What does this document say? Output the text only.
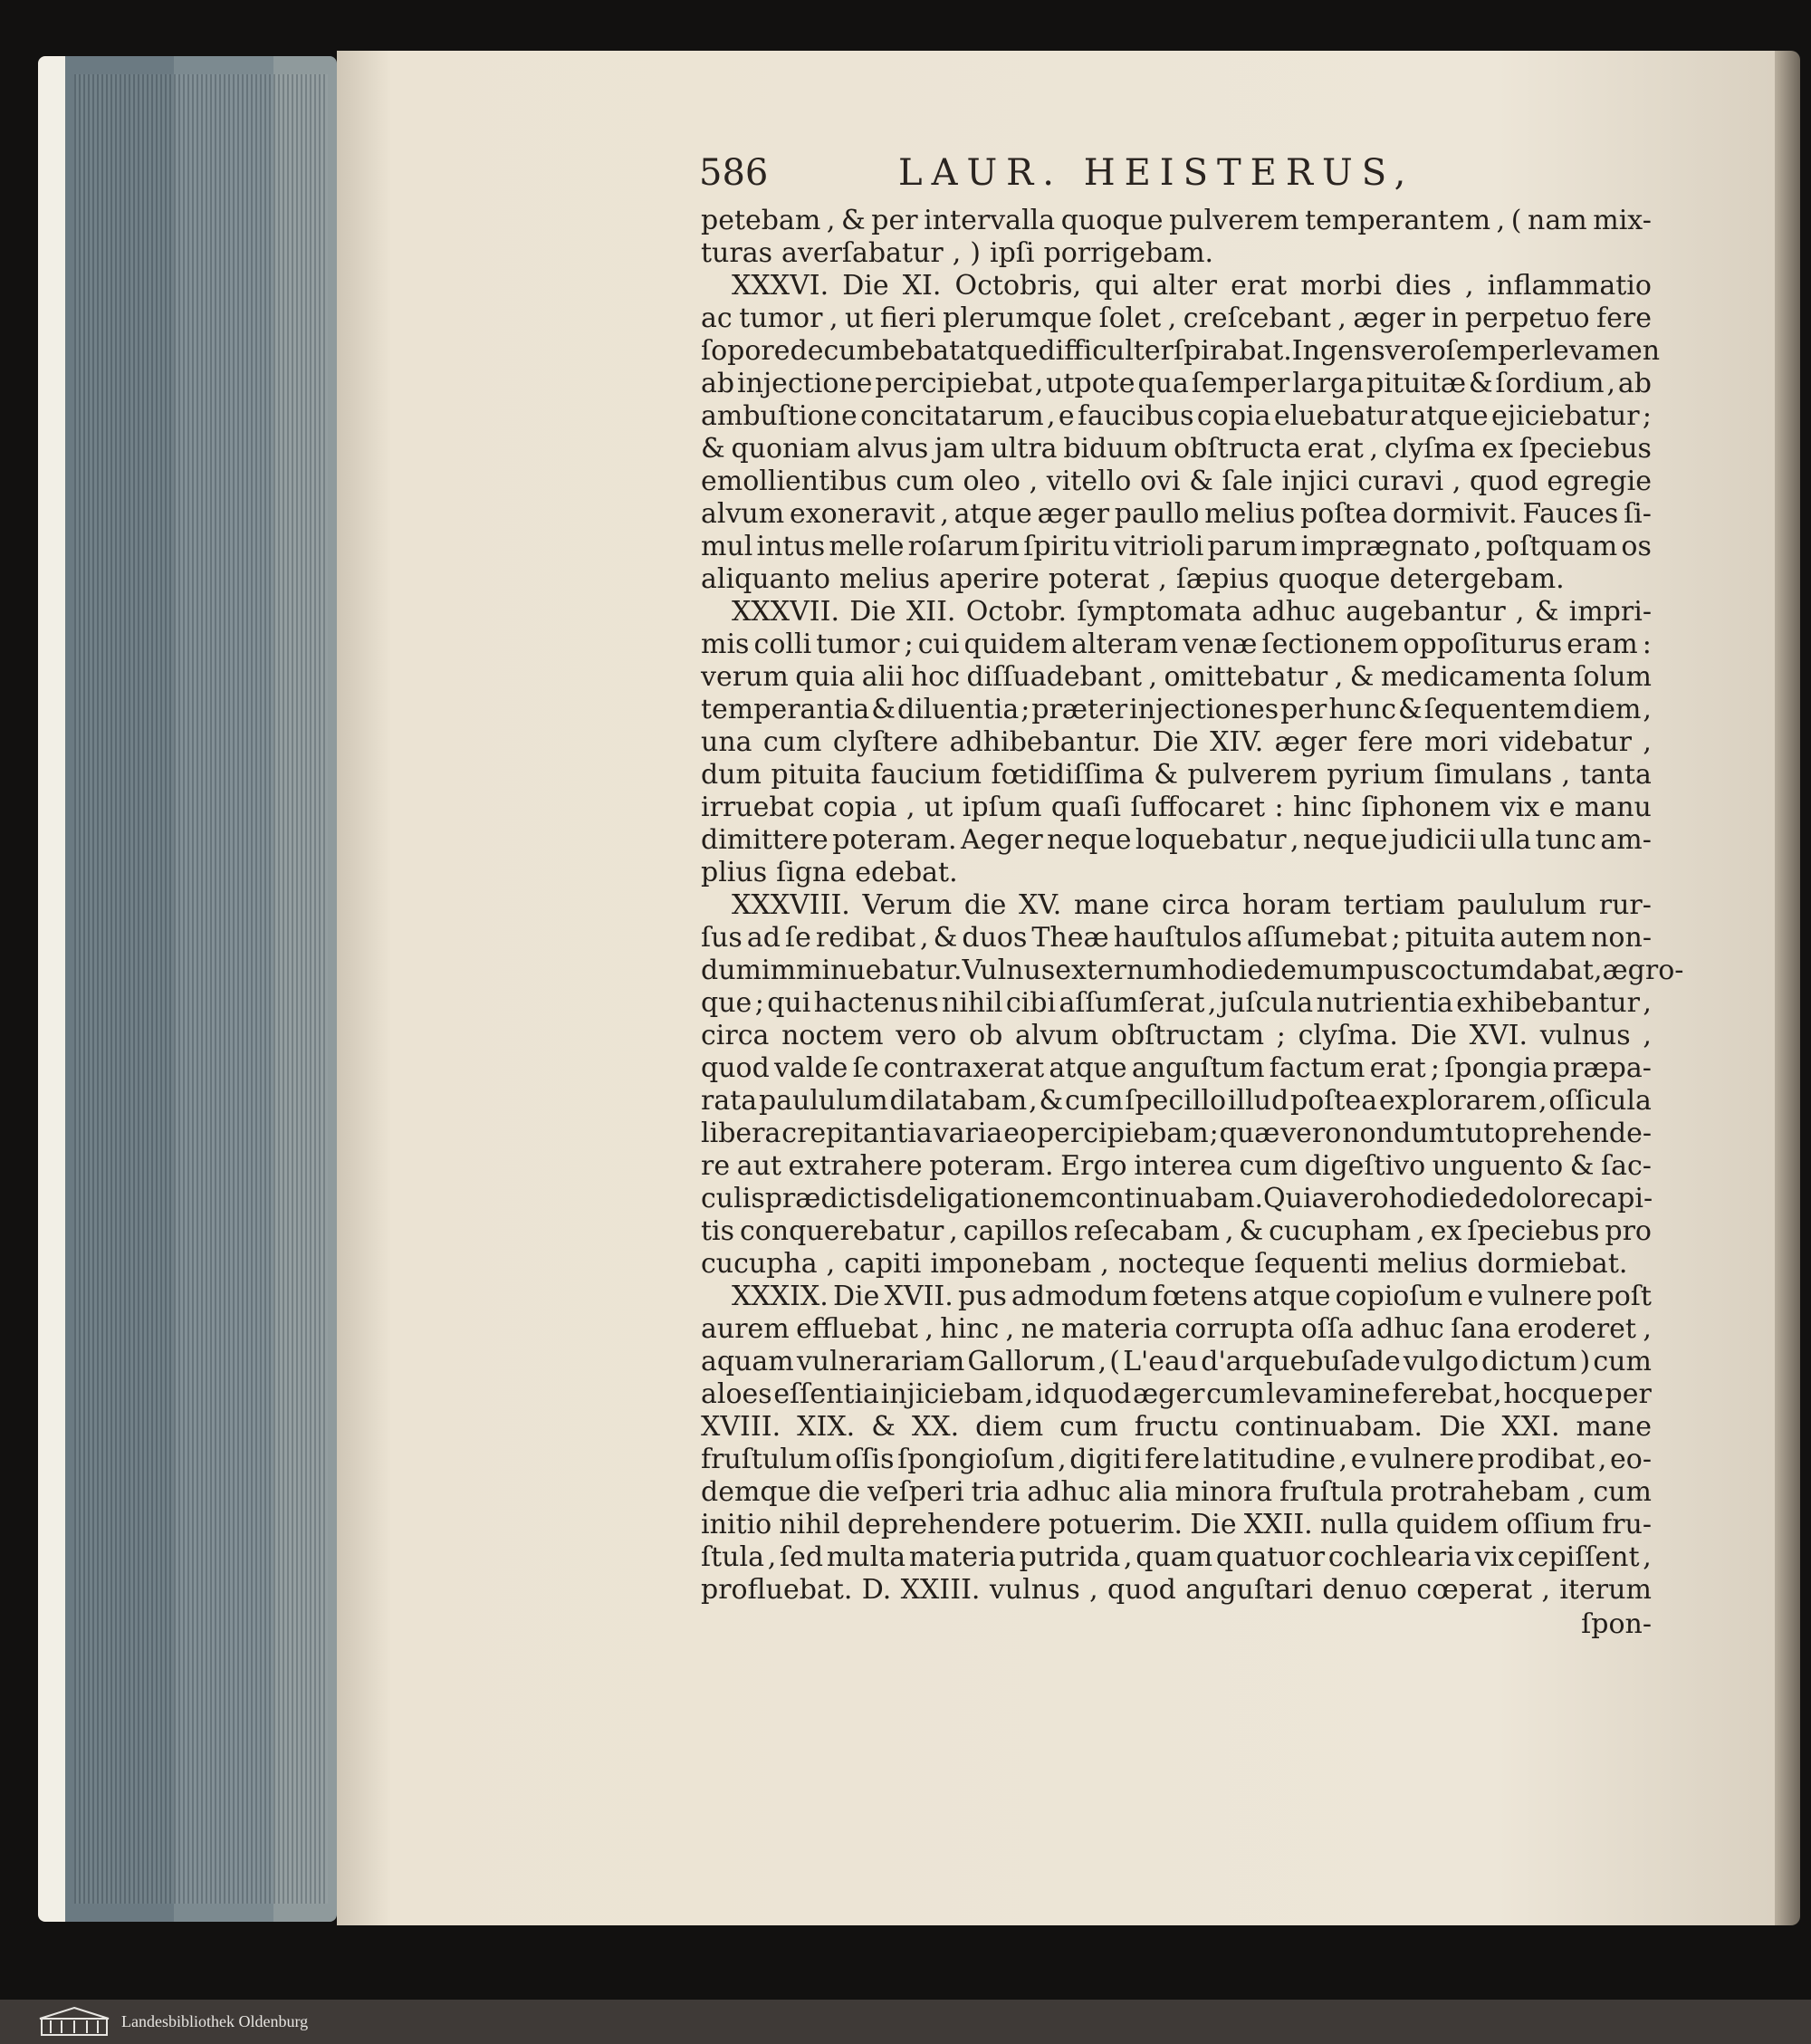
586	LAUR. HEISTERUS,
petebam , & per intervalla quoque pulverem temperantem , ( nam mix-
turas averſabatur , ) ipſi porrigebam.
XXXVI. Die XI. Octobris, qui alter erat morbi dies , inflammatio
ac tumor , ut fieri plerumque ſolet , creſcebant , æger in perpetuo fere
ſopore decumbebat atque difficulter ſpirabat. Ingens vero ſemper levamen
ab injectione percipiebat , utpote qua ſemper larga pituitæ & ſordium , ab
ambuſtione concitatarum , e faucibus copia eluebatur atque ejiciebatur ;
& quoniam alvus jam ultra biduum obſtructa erat , clyſma ex ſpeciebus
emollientibus cum oleo , vitello ovi & ſale injici curavi , quod egregie
alvum exoneravit , atque æger paullo melius poſtea dormivit. Fauces ſi-
mul intus melle roſarum ſpiritu vitrioli parum imprægnato , poſtquam os
aliquanto melius aperire poterat , ſæpius quoque detergebam.
XXXVII. Die XII. Octobr. ſymptomata adhuc augebantur , & impri-
mis colli tumor ; cui quidem alteram venæ ſectionem oppoſiturus eram :
verum quia alii hoc diſſuadebant , omittebatur , & medicamenta ſolum
temperantia & diluentia ; præter injectiones per hunc & ſequentem diem ,
una cum clyſtere adhibebantur. Die XIV. æger fere mori videbatur ,
dum pituita faucium fœtidiſſima & pulverem pyrium ſimulans , tanta
irruebat copia , ut ipſum quaſi ſuffocaret : hinc ſiphonem vix e manu
dimittere poteram. Aeger neque loquebatur , neque judicii ulla tunc am-
plius ſigna edebat.
XXXVIII. Verum die XV. mane circa horam tertiam paululum rur-
ſus ad ſe redibat , & duos Theæ hauſtulos aſſumebat ; pituita autem non-
dum imminuebatur. Vulnus externum hodie demum pus coctum dabat , ægro-
que ; qui hactenus nihil cibi aſſumſerat , juſcula nutrientia exhibebantur ,
circa noctem vero ob alvum obſtructam ; clyſma. Die XVI. vulnus ,
quod valde ſe contraxerat atque anguſtum factum erat ; ſpongia præpa-
rata paululum dilatabam , & cum ſpecillo illud poſtea explorarem , oſſicula
libera crepitantia varia eo percipiebam ; quæ vero nondum tuto prehende-
re aut extrahere poteram. Ergo interea cum digeſtivo unguento & ſac-
culis prædictis deligationem continuabam. Quia vero hodie de dolore capi-
tis conquerebatur , capillos reſecabam , & cucupham , ex ſpeciebus pro
cucupha , capiti imponebam , nocteque ſequenti melius dormiebat.
XXXIX. Die XVII. pus admodum fœtens atque copioſum e vulnere poſt
aurem effluebat , hinc , ne materia corrupta oſſa adhuc ſana eroderet ,
aquam vulnerariam Gallorum , ( L'eau d'arquebuſade vulgo dictum ) cum
aloes eſſentia injiciebam , id quod æger cum levamine ferebat , hocque per
XVIII. XIX. & XX. diem cum fructu continuabam. Die XXI. mane
fruſtulum oſſis ſpongioſum , digiti fere latitudine , e vulnere prodibat , eo-
demque die veſperi tria adhuc alia minora fruſtula protrahebam , cum
initio nihil deprehendere potuerim. Die XXII. nulla quidem oſſium fru-
ſtula , ſed multa materia putrida , quam quatuor cochlearia vix cepiſſent ,
profluebat. D. XXIII. vulnus , quod anguſtari denuo cœperat , iterum
Landesbibliothek Oldenburg
ſpon-
